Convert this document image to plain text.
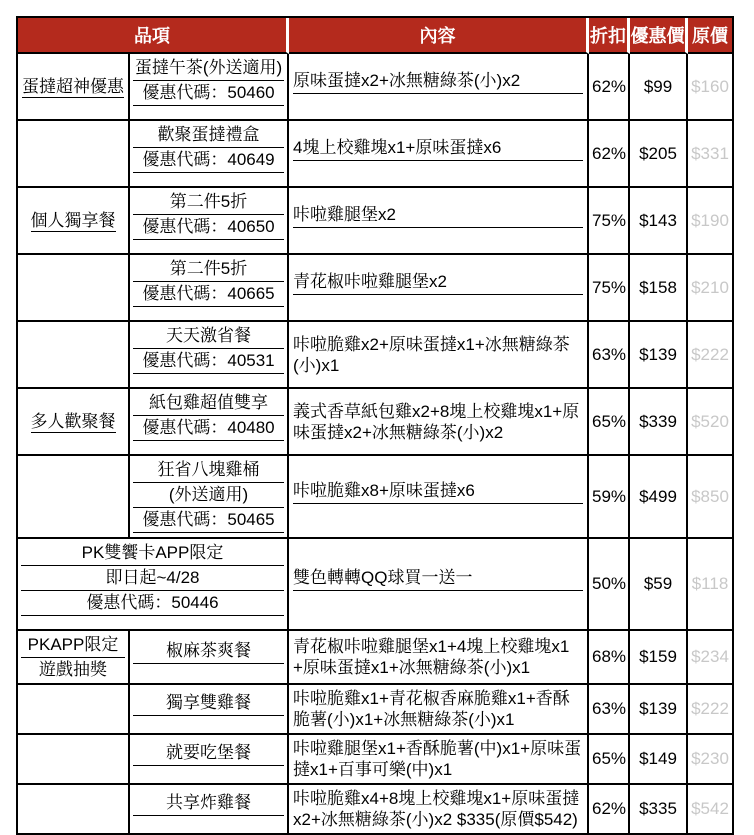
品項		內容	折扣	優惠價	原價

蛋撻超神優惠	蛋撻午茶(外送適用)
優惠代碼：50460	原味蛋撻x2+冰無糖綠茶(小)x2	62%	$99	$160

	歡聚蛋撻禮盒
優惠代碼：40649	4塊上校雞塊x1+原味蛋撻x6	62%	$205	$331

個人獨享餐	第二件5折
優惠代碼：40650	咔啦雞腿堡x2	75%	$143	$190

	第二件5折
優惠代碼：40665	青花椒咔啦雞腿堡x2	75%	$158	$210

	天天激省餐
優惠代碼：40531	咔啦脆雞x2+原味蛋撻x1+冰無糖綠茶(小)x1	63%	$139	$222

多人歡聚餐	紙包雞超值雙享
優惠代碼：40480	義式香草紙包雞x2+8塊上校雞塊x1+原味蛋撻x2+冰無糖綠茶(小)x2	65%	$339	$520

	狂省八塊雞桶
(外送適用)
優惠代碼：50465	咔啦脆雞x8+原味蛋撻x6	59%	$499	$850

PK雙饗卡APP限定
即日起~4/28
優惠代碼：50446		雙色轉轉QQ球買一送一	50%	$59	$118

PKAPP限定
遊戲抽獎	椒麻茶爽餐	青花椒咔啦雞腿堡x1+4塊上校雞塊x1+原味蛋撻x1+冰無糖綠茶(小)x1	68%	$159	$234

	獨享雙雞餐	咔啦脆雞x1+青花椒香麻脆雞x1+香酥脆薯(小)x1+冰無糖綠茶(小)x1	63%	$139	$222

	就要吃堡餐	咔啦雞腿堡x1+香酥脆薯(中)x1+原味蛋撻x1+百事可樂(中)x1	65%	$149	$230

	共享炸雞餐	咔啦脆雞x4+8塊上校雞塊x1+原味蛋撻x2+冰無糖綠茶(小)x2 $335(原價$542)	62%	$335	$542
